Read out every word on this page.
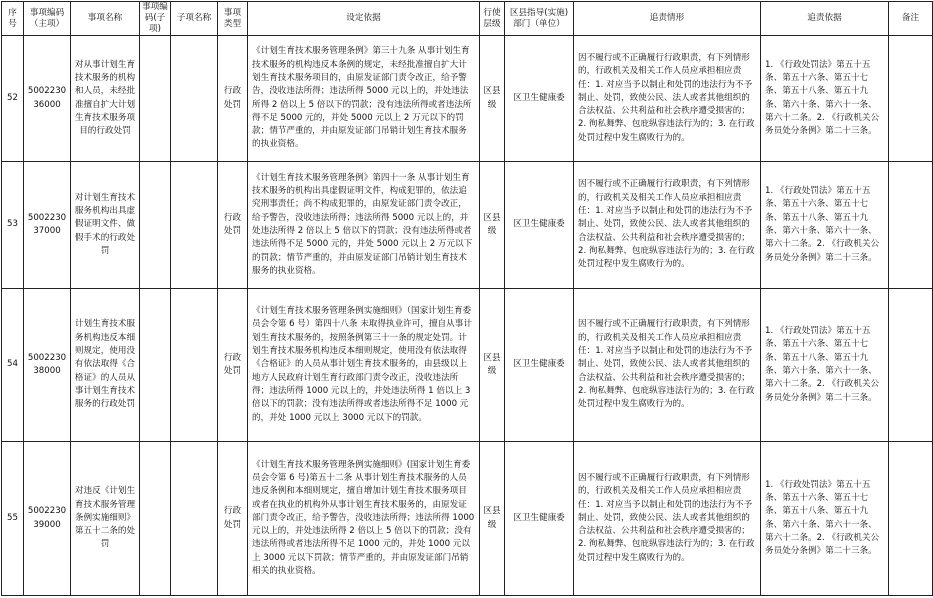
序号	事项编码（主项）	事项名称	事项编码(子项)	子项名称	事项类型	设定依据	行使层级	区县指导(实施)部门（单位）	追责情形	追责依据	备注
52	500223036000	对从事计划生育技术服务的机构和人员，未经批准擅自扩大计划生育技术服务项目的行政处罚			行政处罚	《计划生育技术服务管理条例》第三十九条 从事计划生育技术服务的机构违反本条例的规定，未经批准擅自扩大计划生育技术服务项目的，由原发证部门责令改正，给予警告，没收违法所得；违法所得 5000 元以上的，并处违法所得 2 倍以上 5 倍以下的罚款；没有违法所得或者违法所得不足 5000 元的，并处 5000 元以上 2 万元以下的罚款；情节严重的，并由原发证部门吊销计划生育技术服务的执业资格。	区县级	区卫生健康委	因不履行或不正确履行行政职责，有下列情形的，行政机关及相关工作人员应承担相应责任：1. 对应当予以制止和处罚的违法行为不予制止、处罚，致使公民、法人或者其他组织的合法权益、公共利益和社会秩序遭受损害的；2. 徇私舞弊、包庇纵容违法行为的；3. 在行政处罚过程中发生腐败行为的。	1. 《行政处罚法》第五十五条、第五十六条、第五十七条、第五十八条、第五十九条、第六十条、第六十一条、第六十二条。2. 《行政机关公务员处分条例》第二十三条。	
53	500223037000	对计划生育技术服务机构出具虚假证明文件、做假手术的行政处罚			行政处罚	《计划生育技术服务管理条例》第四十一条 从事计划生育技术服务的机构出具虚假证明文件，构成犯罪的，依法追究刑事责任；尚不构成犯罪的，由原发证部门责令改正，给予警告，没收违法所得；违法所得 5000 元以上的，并处违法所得 2 倍以上 5 倍以下的罚款；没有违法所得或者违法所得不足 5000 元的，并处 5000 元以上 2 万元以下的罚款；情节严重的，并由原发证部门吊销计划生育技术服务的执业资格。	区县级	区卫生健康委	因不履行或不正确履行行政职责，有下列情形的，行政机关及相关工作人员应承担相应责任：1. 对应当予以制止和处罚的违法行为不予制止、处罚，致使公民、法人或者其他组织的合法权益、公共利益和社会秩序遭受损害的；2. 徇私舞弊、包庇纵容违法行为的；3. 在行政处罚过程中发生腐败行为的。	1. 《行政处罚法》第五十五条、第五十六条、第五十七条、第五十八条、第五十九条、第六十条、第六十一条、第六十二条。2. 《行政机关公务员处分条例》第二十三条。	
54	500223038000	计划生育技术服务机构违反本细则规定，使用没有依法取得《合格证》的人员从事计划生育技术服务的行政处罚			行政处罚	《计划生育技术服务管理条例实施细则》（国家计划生育委员会令第 6 号）第四十八条 未取得执业许可，擅自从事计划生育技术服务的，按照条例第三十一条的规定处罚。计划生育技术服务机构违反本细则规定，使用没有依法取得《合格证》的人员从事计划生育技术服务的，由县级以上地方人民政府计划生育行政部门责令改正，没收违法所得；违法所得 1000 元以上的，并处违法所得 1 倍以上 3 倍以下的罚款；没有违法所得或者违法所得不足 1000 元的，并处 1000 元以上 3000 元以下的罚款。	区县级	区卫生健康委	因不履行或不正确履行行政职责，有下列情形的，行政机关及相关工作人员应承担相应责任：1. 对应当予以制止和处罚的违法行为不予制止、处罚，致使公民、法人或者其他组织的合法权益、公共利益和社会秩序遭受损害的；2. 徇私舞弊、包庇纵容违法行为的；3. 在行政处罚过程中发生腐败行为的。	1. 《行政处罚法》第五十五条、第五十六条、第五十七条、第五十八条、第五十九条、第六十条、第六十一条、第六十二条。2. 《行政机关公务员处分条例》第二十三条。	
55	500223039000	对违反《计划生育技术服务管理条例实施细则》第五十二条的处罚			行政处罚	《计划生育技术服务管理条例实施细则》(国家计划生育委员会令第 6 号)第五十二条 从事计划生育技术服务的人员违反条例和本细则规定，擅自增加计划生育技术服务项目或者在执业的机构外从事计划生育技术服务的，由原发证部门责令改正，给予警告，没收违法所得；违法所得 1000 元以上的，并处违法所得 2 倍以上 5 倍以下的罚款；没有违法所得或者违法所得不足 1000 元的，并处 1000 元以上 3000 元以下罚款；情节严重的，并由原发证部门吊销相关的执业资格。	区县级	区卫生健康委	因不履行或不正确履行行政职责，有下列情形的，行政机关及相关工作人员应承担相应责任：1. 对应当予以制止和处罚的违法行为不予制止、处罚，致使公民、法人或者其他组织的合法权益、公共利益和社会秩序遭受损害的；2. 徇私舞弊、包庇纵容违法行为的；3. 在行政处罚过程中发生腐败行为的。	1. 《行政处罚法》第五十五条、第五十六条、第五十七条、第五十八条、第五十九条、第六十条、第六十一条、第六十二条。2. 《行政机关公务员处分条例》第二十三条。	
